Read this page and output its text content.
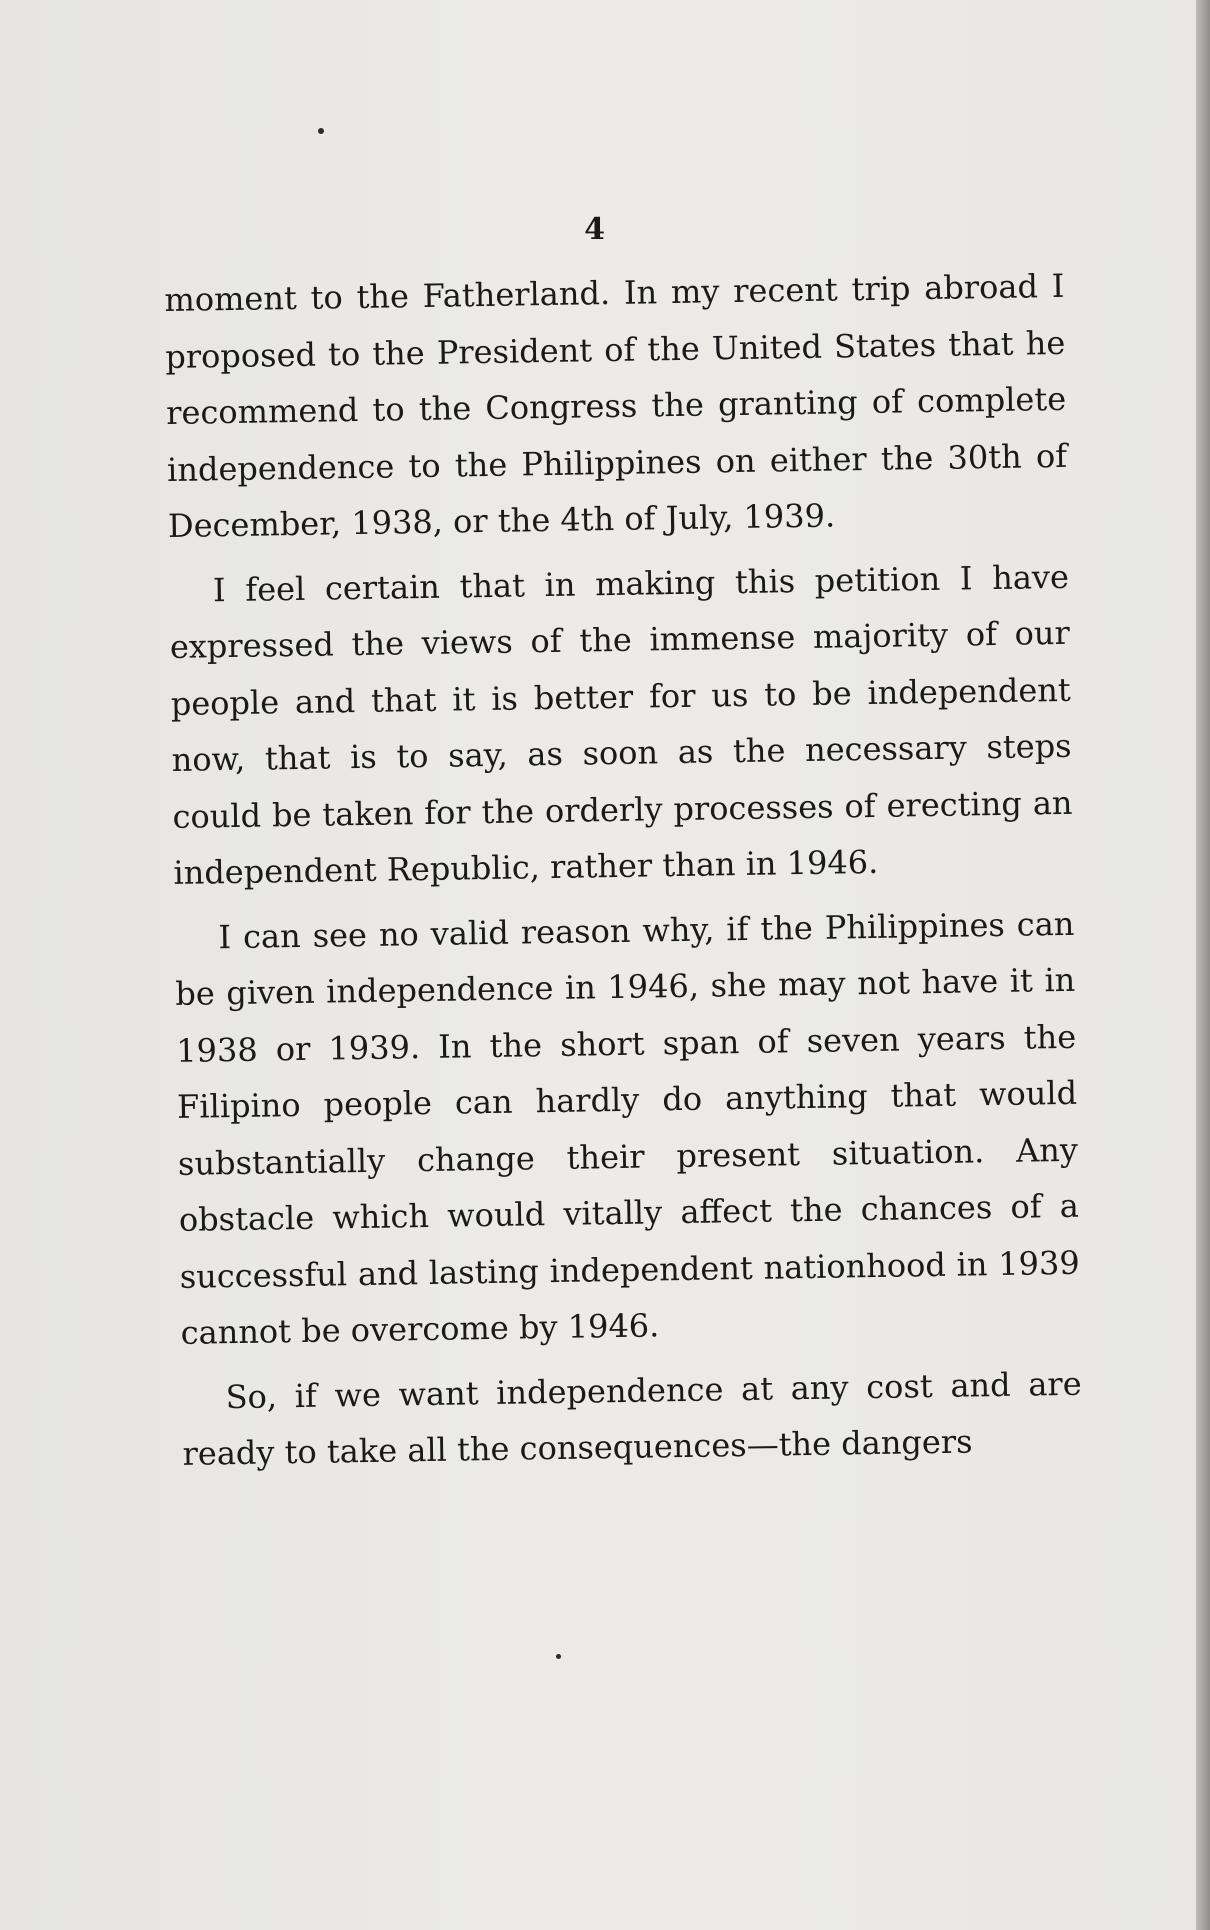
4

moment to the Fatherland. In my recent trip abroad I proposed to the President of the United States that he recommend to the Congress the granting of complete independence to the Philippines on either the 30th of December, 1938, or the 4th of July, 1939.

I feel certain that in making this petition I have expressed the views of the immense majority of our people and that it is better for us to be independent now, that is to say, as soon as the necessary steps could be taken for the orderly processes of erecting an independent Republic, rather than in 1946.

I can see no valid reason why, if the Philippines can be given independence in 1946, she may not have it in 1938 or 1939. In the short span of seven years the Filipino people can hardly do anything that would substantially change their present situation. Any obstacle which would vitally affect the chances of a successful and lasting independent nationhood in 1939 cannot be overcome by 1946.

So, if we want independence at any cost and are ready to take all the consequences—the dangers
